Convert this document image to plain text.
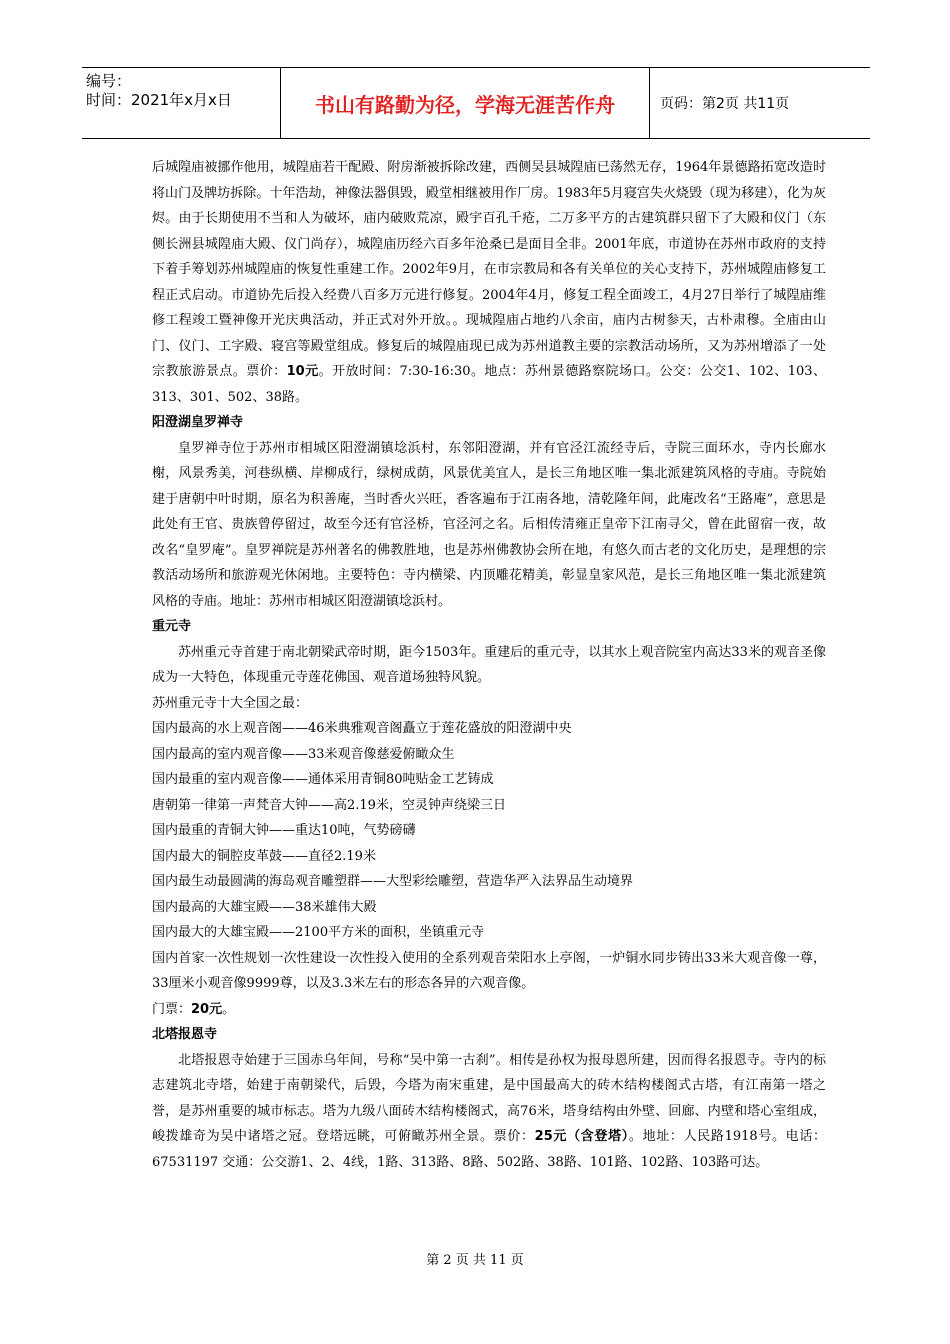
编号：
时间：2021年x月x日	书山有路勤为径，学海无涯苦作舟	页码：第2页 共11页

后城隍庙被挪作他用，城隍庙若干配殿、附房渐被拆除改建，西侧吴县城隍庙已荡然无存，1964年景德路拓宽改造时将山门及牌坊拆除。十年浩劫，神像法器俱毁，殿堂相继被用作厂房。1983年5月寝宫失火烧毁（现为移建），化为灰烬。由于长期使用不当和人为破坏，庙内破败荒凉，殿宇百孔千疮，二万多平方的古建筑群只留下了大殿和仪门（东侧长洲县城隍庙大殿、仪门尚存），城隍庙历经六百多年沧桑已是面目全非。2001年底，市道协在苏州市政府的支持下着手筹划苏州城隍庙的恢复性重建工作。2002年9月，在市宗教局和各有关单位的关心支持下，苏州城隍庙修复工程正式启动。市道协先后投入经费八百多万元进行修复。2004年4月，修复工程全面竣工，4月27日举行了城隍庙维修工程竣工暨神像开光庆典活动，并正式对外开放。。现城隍庙占地约八余亩，庙内古树参天，古朴肃穆。全庙由山门、仪门、工字殿、寝宫等殿堂组成。修复后的城隍庙现已成为苏州道教主要的宗教活动场所，又为苏州增添了一处宗教旅游景点。票价：10元。开放时间：7:30-16:30。地点：苏州景德路察院场口。公交：公交1、102、103、313、301、502、38路。

阳澄湖皇罗禅寺

皇罗禅寺位于苏州市相城区阳澄湖镇埝浜村，东邻阳澄湖，并有官泾江流经寺后，寺院三面环水，寺内长廊水榭，风景秀美，河巷纵横、岸柳成行，绿树成荫，风景优美宜人，是长三角地区唯一集北派建筑风格的寺庙。寺院始建于唐朝中叶时期，原名为积善庵，当时香火兴旺，香客遍布于江南各地，清乾隆年间，此庵改名“王路庵”，意思是此处有王官、贵族曾停留过，故至今还有官泾桥，官泾河之名。后相传清雍正皇帝下江南寻父，曾在此留宿一夜，故改名“皇罗庵”。皇罗禅院是苏州著名的佛教胜地，也是苏州佛教协会所在地，有悠久而古老的文化历史，是理想的宗教活动场所和旅游观光休闲地。主要特色：寺内横梁、内顶雕花精美，彰显皇家风范，是长三角地区唯一集北派建筑风格的寺庙。地址：苏州市相城区阳澄湖镇埝浜村。

重元寺

苏州重元寺首建于南北朝梁武帝时期，距今1503年。重建后的重元寺，以其水上观音院室内高达33米的观音圣像成为一大特色，体现重元寺莲花佛国、观音道场独特风貌。

苏州重元寺十大全国之最：

国内最高的水上观音阁——46米典雅观音阁矗立于莲花盛放的阳澄湖中央

国内最高的室内观音像——33米观音像慈爱俯瞰众生

国内最重的室内观音像——通体采用青铜80吨贴金工艺铸成

唐朝第一律第一声梵音大钟——高2.19米，空灵钟声绕梁三日

国内最重的青铜大钟——重达10吨，气势磅礴

国内最大的铜腔皮革鼓——直径2.19米

国内最生动最圆满的海岛观音雕塑群——大型彩绘雕塑，营造华严入法界品生动境界

国内最高的大雄宝殿——38米雄伟大殿

国内最大的大雄宝殿——2100平方米的面积，坐镇重元寺

国内首家一次性规划一次性建设一次性投入使用的全系列观音荣阳水上亭阁，一炉铜水同步铸出33米大观音像一尊，33厘米小观音像9999尊，以及3.3米左右的形态各异的六观音像。

门票：20元。

北塔报恩寺

北塔报恩寺始建于三国赤乌年间，号称“吴中第一古刹”。相传是孙权为报母恩所建，因而得名报恩寺。寺内的标志建筑北寺塔，始建于南朝梁代，后毁，今塔为南宋重建，是中国最高大的砖木结构楼阁式古塔，有江南第一塔之誉，是苏州重要的城市标志。塔为九级八面砖木结构楼阁式，高76米，塔身结构由外壁、回廊、内壁和塔心室组成，峻拨雄奇为吴中诸塔之冠。登塔远眺，可俯瞰苏州全景。票价：25元（含登塔）。地址：人民路1918号。电话：67531197 交通：公交游1、2、4线，1路、313路、8路、502路、38路、101路、102路、103路可达。

第 2 页 共 11 页
